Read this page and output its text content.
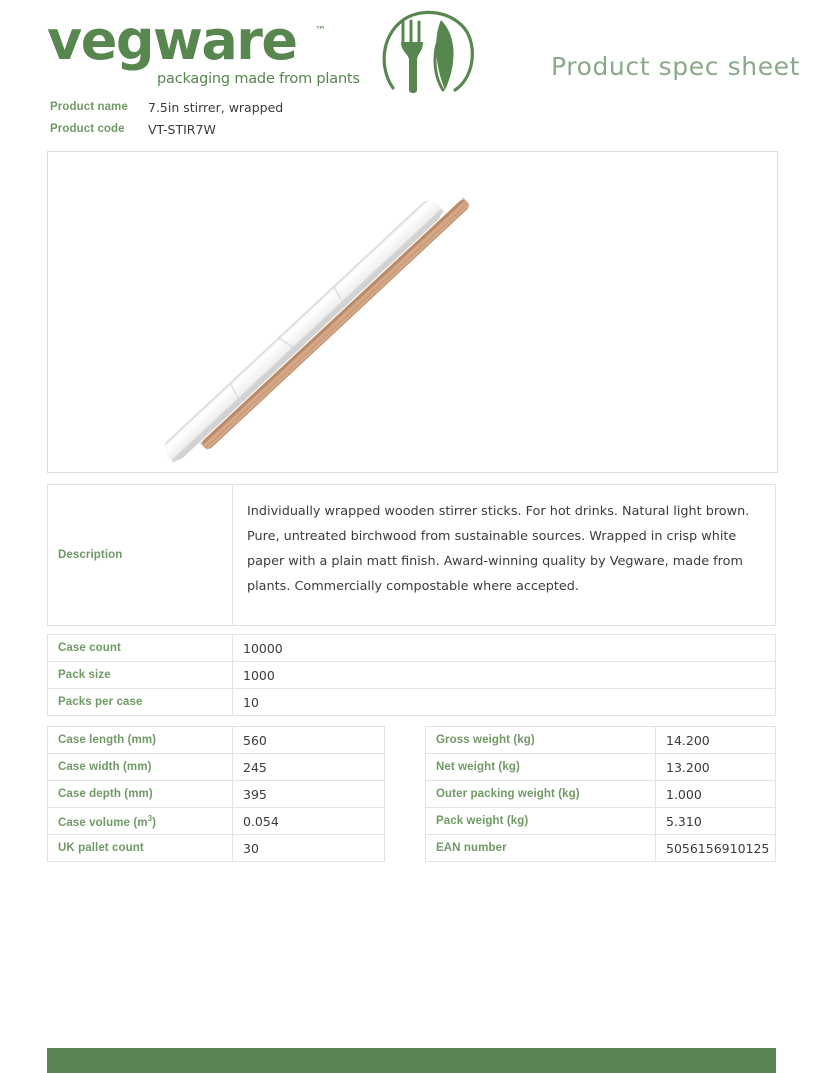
vegware ™
packaging made from plants	Product spec sheet
Product name	7.5in stirrer, wrapped
Product code	VT-STIR7W
Description	Individually wrapped wooden stirrer sticks. For hot drinks. Natural light brown. Pure, untreated birchwood from sustainable sources. Wrapped in crisp white paper with a plain matt finish. Award-winning quality by Vegware, made from plants. Commercially compostable where accepted.
Case count	10000
Pack size	1000
Packs per case	10
Case length (mm)	560
Case width (mm)	245
Case depth (mm)	395
Case volume $(m^3)$	0.054
UK pallet count	30
Gross weight (kg)	14.200
Net weight (kg)	13.200
Outer packing weight (kg)	1.000
Pack weight (kg)	5.310
EAN number	5056156910125
